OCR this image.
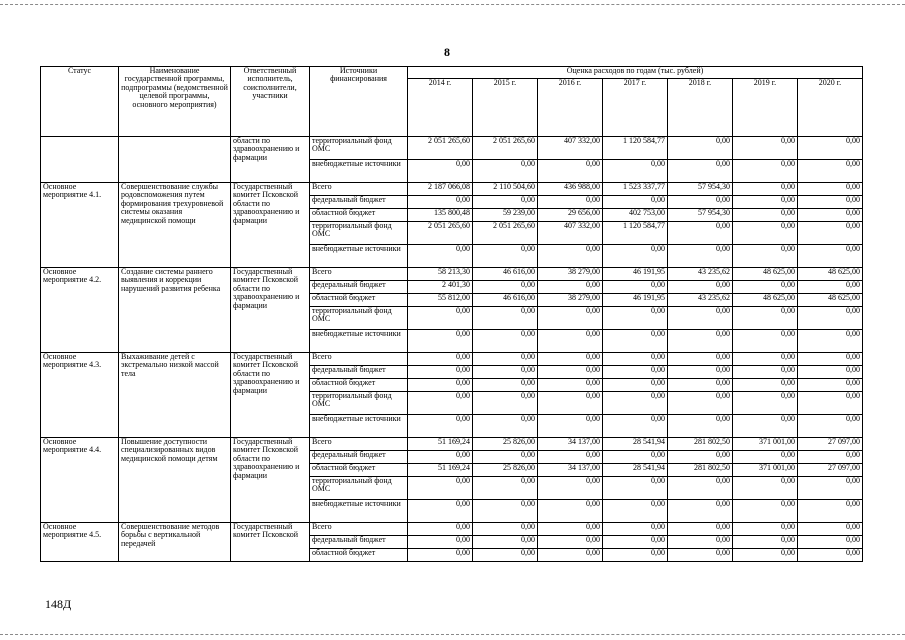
8
Статус	Наименование государственной программы, подпрограммы (ведомственной целевой программы, основного мероприятия)	Ответственный исполнитель, соисполнители, участники	Источники финансирования	Оценка расходов по годам (тыс. рублей)						
				2014 г.	2015 г.	2016 г.	2017 г.	2018 г.	2019 г.	2020 г.
		области по здравоохранению и фармации	территориальный фонд ОМС	2 051 265,60	2 051 265,60	407 332,00	1 120 584,77	0,00	0,00	0,00
			внебюджетные источники	0,00	0,00	0,00	0,00	0,00	0,00	0,00
Основное мероприятие 4.1.	Совершенствование службы родовспоможения путем формирования трехуровневой системы оказания медицинской помощи	Государственный комитет Псковской области по здравоохранению и фармации	Всего	2 187 066,08	2 110 504,60	436 988,00	1 523 337,77	57 954,30	0,00	0,00
			федеральный бюджет	0,00	0,00	0,00	0,00	0,00	0,00	0,00
			областной бюджет	135 800,48	59 239,00	29 656,00	402 753,00	57 954,30	0,00	0,00
			территориальный фонд ОМС	2 051 265,60	2 051 265,60	407 332,00	1 120 584,77	0,00	0,00	0,00
			внебюджетные источники	0,00	0,00	0,00	0,00	0,00	0,00	0,00
Основное мероприятие 4.2.	Создание системы раннего выявления и коррекции нарушений развития ребенка	Государственный комитет Псковской области по здравоохранению и фармации	Всего	58 213,30	46 616,00	38 279,00	46 191,95	43 235,62	48 625,00	48 625,00
			федеральный бюджет	2 401,30	0,00	0,00	0,00	0,00	0,00	0,00
			областной бюджет	55 812,00	46 616,00	38 279,00	46 191,95	43 235,62	48 625,00	48 625,00
			территориальный фонд ОМС	0,00	0,00	0,00	0,00	0,00	0,00	0,00
			внебюджетные источники	0,00	0,00	0,00	0,00	0,00	0,00	0,00
Основное мероприятие 4.3.	Выхаживание детей с экстремально низкой массой тела	Государственный комитет Псковской области по здравоохранению и фармации	Всего	0,00	0,00	0,00	0,00	0,00	0,00	0,00
			федеральный бюджет	0,00	0,00	0,00	0,00	0,00	0,00	0,00
			областной бюджет	0,00	0,00	0,00	0,00	0,00	0,00	0,00
			территориальный фонд ОМС	0,00	0,00	0,00	0,00	0,00	0,00	0,00
			внебюджетные источники	0,00	0,00	0,00	0,00	0,00	0,00	0,00
Основное мероприятие 4.4.	Повышение доступности специализированных видов медицинской помощи детям	Государственный комитет Псковской области по здравоохранению и фармации	Всего	51 169,24	25 826,00	34 137,00	28 541,94	281 802,50	371 001,00	27 097,00
			федеральный бюджет	0,00	0,00	0,00	0,00	0,00	0,00	0,00
			областной бюджет	51 169,24	25 826,00	34 137,00	28 541,94	281 802,50	371 001,00	27 097,00
			территориальный фонд ОМС	0,00	0,00	0,00	0,00	0,00	0,00	0,00
			внебюджетные источники	0,00	0,00	0,00	0,00	0,00	0,00	0,00
Основное мероприятие 4.5.	Совершенствование методов борьбы с вертикальной передачей	Государственный комитет Псковской	Всего	0,00	0,00	0,00	0,00	0,00	0,00	0,00
			федеральный бюджет	0,00	0,00	0,00	0,00	0,00	0,00	0,00
			областной бюджет	0,00	0,00	0,00	0,00	0,00	0,00	0,00
148Д
